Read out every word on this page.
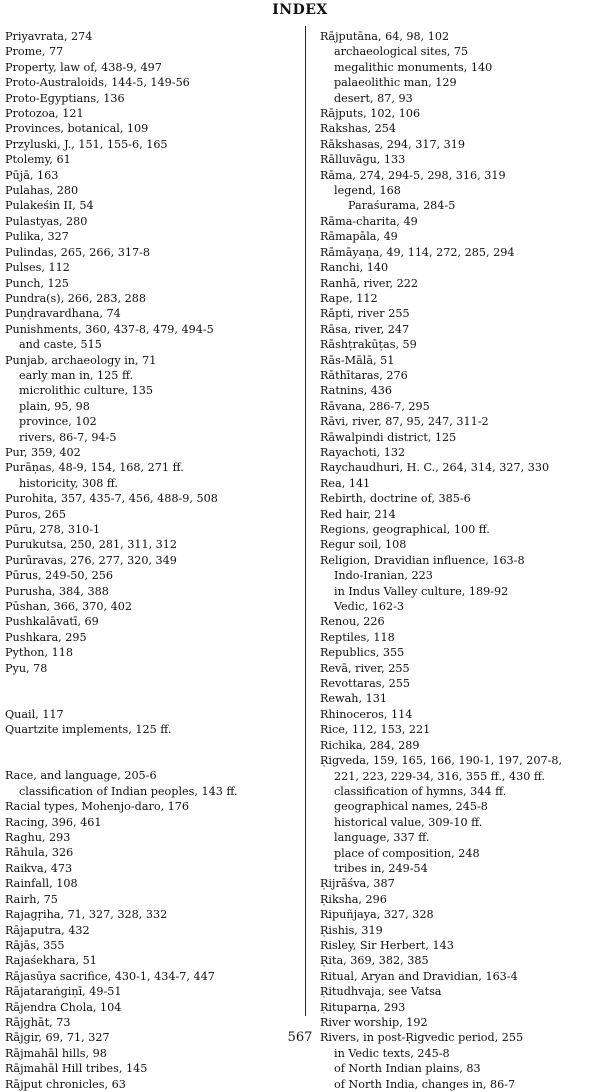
INDEX
Priyavrata, 274
Prome, 77
Property, law of, 438-9, 497
Proto-Australoids, 144-5, 149-56
Proto-Egyptians, 136
Protozoa, 121
Provinces, botanical, 109
Przyluski, J., 151, 155-6, 165
Ptolemy, 61
Pūjā, 163
Pulahas, 280
Pulakeśin II, 54
Pulastyas, 280
Pulika, 327
Pulindas, 265, 266, 317-8
Pulses, 112
Punch, 125
Pundra(s), 266, 283, 288
Puṇḍravardhana, 74
Punishments, 360, 437-8, 479, 494-5
and caste, 515
Punjab, archaeology in, 71
early man in, 125 ff.
microlithic culture, 135
plain, 95, 98
province, 102
rivers, 86-7, 94-5
Pur, 359, 402
Purāṇas, 48-9, 154, 168, 271 ff.
historicity, 308 ff.
Purohita, 357, 435-7, 456, 488-9, 508
Puros, 265
Pūru, 278, 310-1
Purukutsa, 250, 281, 311, 312
Purūravas, 276, 277, 320, 349
Pūrus, 249-50, 256
Purusha, 384, 388
Pūshan, 366, 370, 402
Pushkalāvatī, 69
Pushkara, 295
Python, 118
Pyu, 78
Quail, 117
Quartzite implements, 125 ff.
Race, and language, 205-6
classification of Indian peoples, 143 ff.
Racial types, Mohenjo-daro, 176
Racing, 396, 461
Raghu, 293
Rāhula, 326
Raikva, 473
Rainfall, 108
Rairh, 75
Rajagṛiha, 71, 327, 328, 332
Rājaputra, 432
Rājās, 355
Rajaśekhara, 51
Rājasūya sacrifice, 430-1, 434-7, 447
Rājataraṅgiṇī, 49-51
Rājendra Chola, 104
Rājghāt, 73
Rājgir, 69, 71, 327
Rājmahāl hills, 98
Rājmahāl Hill tribes, 145
Rājput chronicles, 63
Rājputāna, 64, 98, 102
archaeological sites, 75
megalithic monuments, 140
palaeolithic man, 129
desert, 87, 93
Rājputs, 102, 106
Rakshas, 254
Rākshasas, 294, 317, 319
Rālluvāgu, 133
Rāma, 274, 294-5, 298, 316, 319
legend, 168
Paraśurama, 284-5
Rāma-charita, 49
Rāmapāla, 49
Rāmāyaṇa, 49, 114, 272, 285, 294
Ranchi, 140
Ranhā, river, 222
Rape, 112
Rāpti, river 255
Rāsa, river, 247
Rāshṭrakūṭas, 59
Rās-Mālā, 51
Rāthītaras, 276
Ratnins, 436
Rāvana, 286-7, 295
Rāvi, river, 87, 95, 247, 311-2
Rāwalpindi district, 125
Rayachoti, 132
Raychaudhuri, H. C., 264, 314, 327, 330
Rea, 141
Rebirth, doctrine of, 385-6
Red hair, 214
Regions, geographical, 100 ff.
Regur soil, 108
Religion, Dravidian influence, 163-8
Indo-Iranian, 223
in Indus Valley culture, 189-92
Vedic, 162-3
Renou, 226
Reptiles, 118
Republics, 355
Revā, river, 255
Revottaras, 255
Rewah, 131
Rhinoceros, 114
Rice, 112, 153, 221
Richika, 284, 289
Ṛigveda, 159, 165, 166, 190-1, 197, 207-8,
221, 223, 229-34, 316, 355 ff., 430 ff.
classification of hymns, 344 ff.
geographical names, 245-8
historical value, 309-10 ff.
language, 337 ff.
place of composition, 248
tribes in, 249-54
Ṛijrāśva, 387
Ṛiksha, 296
Ripuñjaya, 327, 328
Ṛishis, 319
Risley, Sir Herbert, 143
Ṛita, 369, 382, 385
Ritual, Aryan and Dravidian, 163-4
Ṛitudhvaja, see Vatsa
Ṛituparṇa, 293
River worship, 192
Rivers, in post-Ṛigvedic period, 255
in Vedic texts, 245-8
of North Indian plains, 83
of North India, changes in, 86-7
567
